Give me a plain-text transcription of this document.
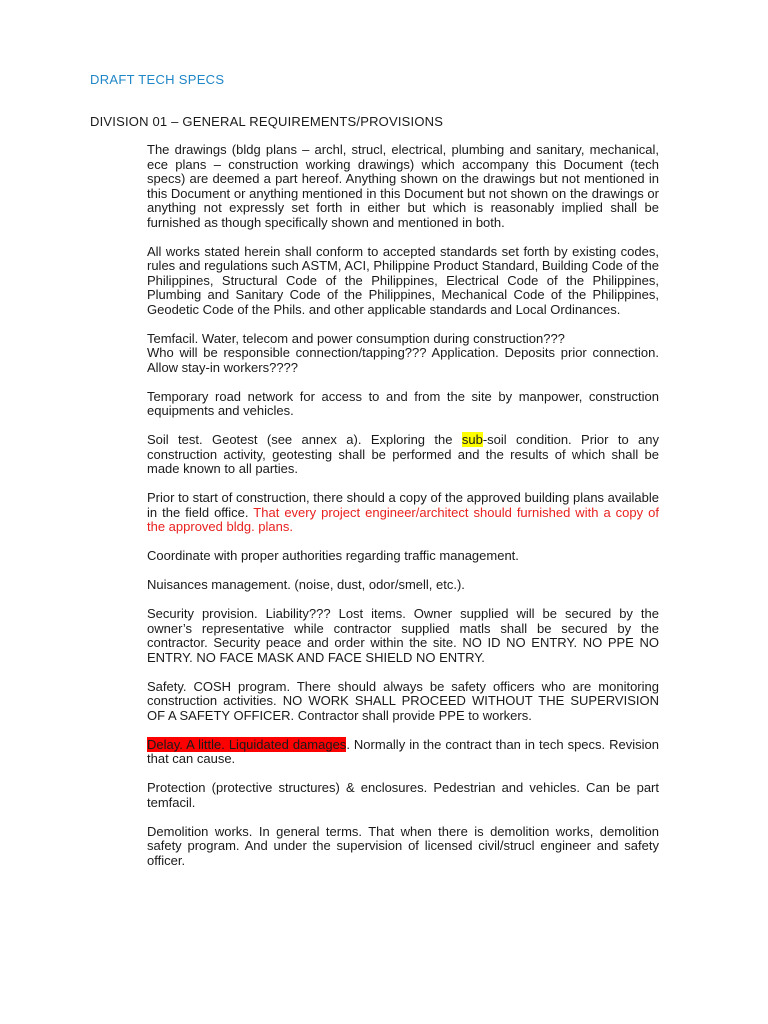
DRAFT TECH SPECS
DIVISION 01 – GENERAL REQUIREMENTS/PROVISIONS

The drawings (bldg plans – archl, strucl, electrical, plumbing and sanitary, mechanical, ece plans – construction working drawings) which accompany this Document (tech specs) are deemed a part hereof. Anything shown on the drawings but not mentioned in this Document or anything mentioned in this Document but not shown on the drawings or anything not expressly set forth in either but which is reasonably implied shall be furnished as though specifically shown and mentioned in both.

All works stated herein shall conform to accepted standards set forth by existing codes, rules and regulations such ASTM, ACI, Philippine Product Standard, Building Code of the Philippines, Structural Code of the Philippines, Electrical Code of the Philippines, Plumbing and Sanitary Code of the Philippines, Mechanical Code of the Philippines, Geodetic Code of the Phils. and other applicable standards and Local Ordinances.

Temfacil. Water, telecom and power consumption during construction???
Who will be responsible connection/tapping??? Application. Deposits prior connection. Allow stay-in workers????

Temporary road network for access to and from the site by manpower, construction equipments and vehicles.

Soil test. Geotest (see annex a). Exploring the sub-soil condition. Prior to any construction activity, geotesting shall be performed and the results of which shall be made known to all parties.

Prior to start of construction, there should a copy of the approved building plans available in the field office. That every project engineer/architect should furnished with a copy of the approved bldg. plans.

Coordinate with proper authorities regarding traffic management.

Nuisances management. (noise, dust, odor/smell, etc.).

Security provision. Liability??? Lost items. Owner supplied will be secured by the owner’s representative while contractor supplied matls shall be secured by the contractor. Security peace and order within the site. NO ID NO ENTRY. NO PPE NO ENTRY. NO FACE MASK AND FACE SHIELD NO ENTRY.

Safety. COSH program. There should always be safety officers who are monitoring construction activities. NO WORK SHALL PROCEED WITHOUT THE SUPERVISION OF A SAFETY OFFICER. Contractor shall provide PPE to workers.

Delay. A little. Liquidated damages. Normally in the contract than in tech specs. Revision that can cause.

Protection (protective structures) & enclosures. Pedestrian and vehicles. Can be part temfacil.

Demolition works. In general terms. That when there is demolition works, demolition safety program. And under the supervision of licensed civil/strucl engineer and safety officer.
